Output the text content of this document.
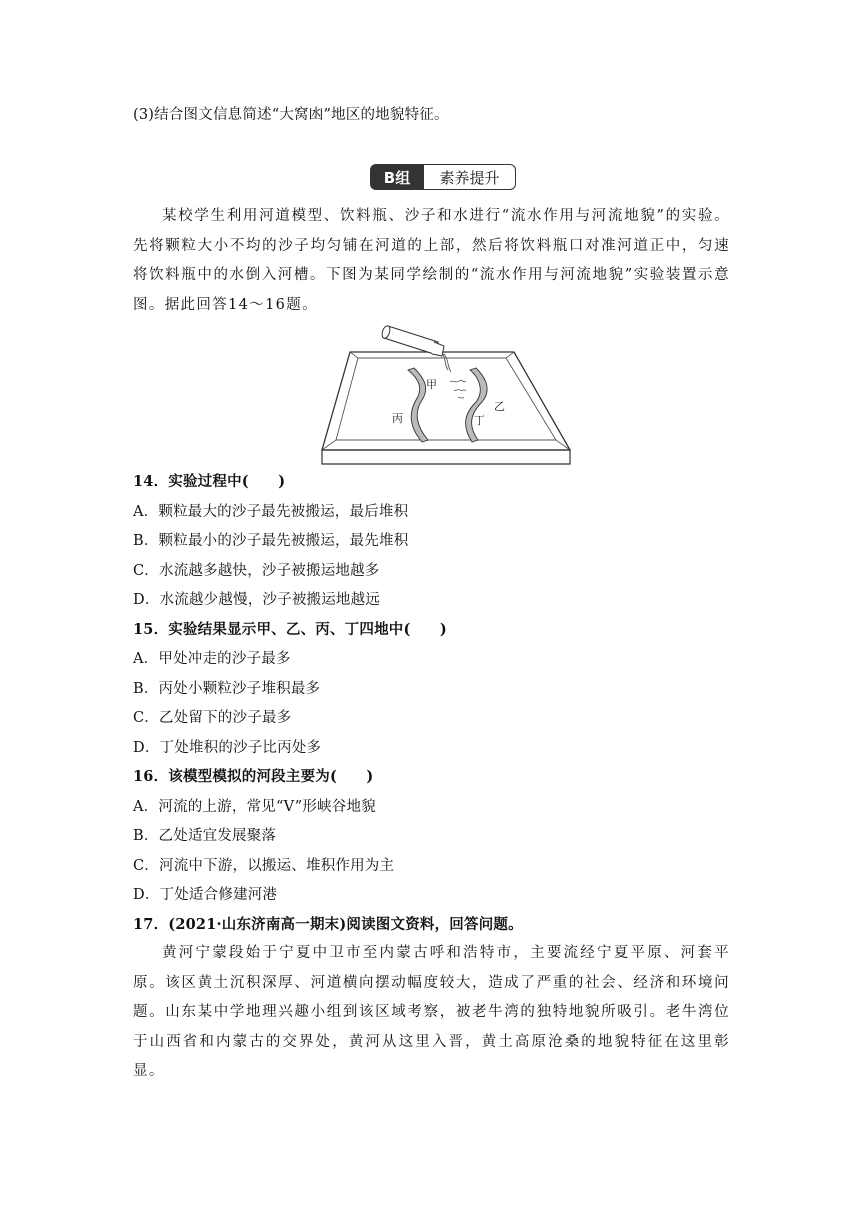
(3)结合图文信息简述“大窝凼”地区的地貌特征。
B组	素养提升
某校学生利用河道模型、饮料瓶、沙子和水进行“流水作用与河流地貌”的实验。先将颗粒大小不均的沙子均匀铺在河道的上部，然后将饮料瓶口对准河道正中，匀速将饮料瓶中的水倒入河槽。下图为某同学绘制的“流水作用与河流地貌”实验装置示意图。据此回答14～16题。
甲
乙
丙	丁
14．实验过程中(　　)
A．颗粒最大的沙子最先被搬运，最后堆积
B．颗粒最小的沙子最先被搬运，最先堆积
C．水流越多越快，沙子被搬运地越多
D．水流越少越慢，沙子被搬运地越远
15．实验结果显示甲、乙、丙、丁四地中(　　)
A．甲处冲走的沙子最多
B．丙处小颗粒沙子堆积最多
C．乙处留下的沙子最多
D．丁处堆积的沙子比丙处多
16．该模型模拟的河段主要为(　　)
A．河流的上游，常见“V”形峡谷地貌
B．乙处适宜发展聚落
C．河流中下游，以搬运、堆积作用为主
D．丁处适合修建河港
17．(2021·山东济南高一期末)阅读图文资料，回答问题。
黄河宁蒙段始于宁夏中卫市至内蒙古呼和浩特市，主要流经宁夏平原、河套平原。该区黄土沉积深厚、河道横向摆动幅度较大，造成了严重的社会、经济和环境问题。山东某中学地理兴趣小组到该区域考察，被老牛湾的独特地貌所吸引。老牛湾位于山西省和内蒙古的交界处，黄河从这里入晋，黄土高原沧桑的地貌特征在这里彰显。
